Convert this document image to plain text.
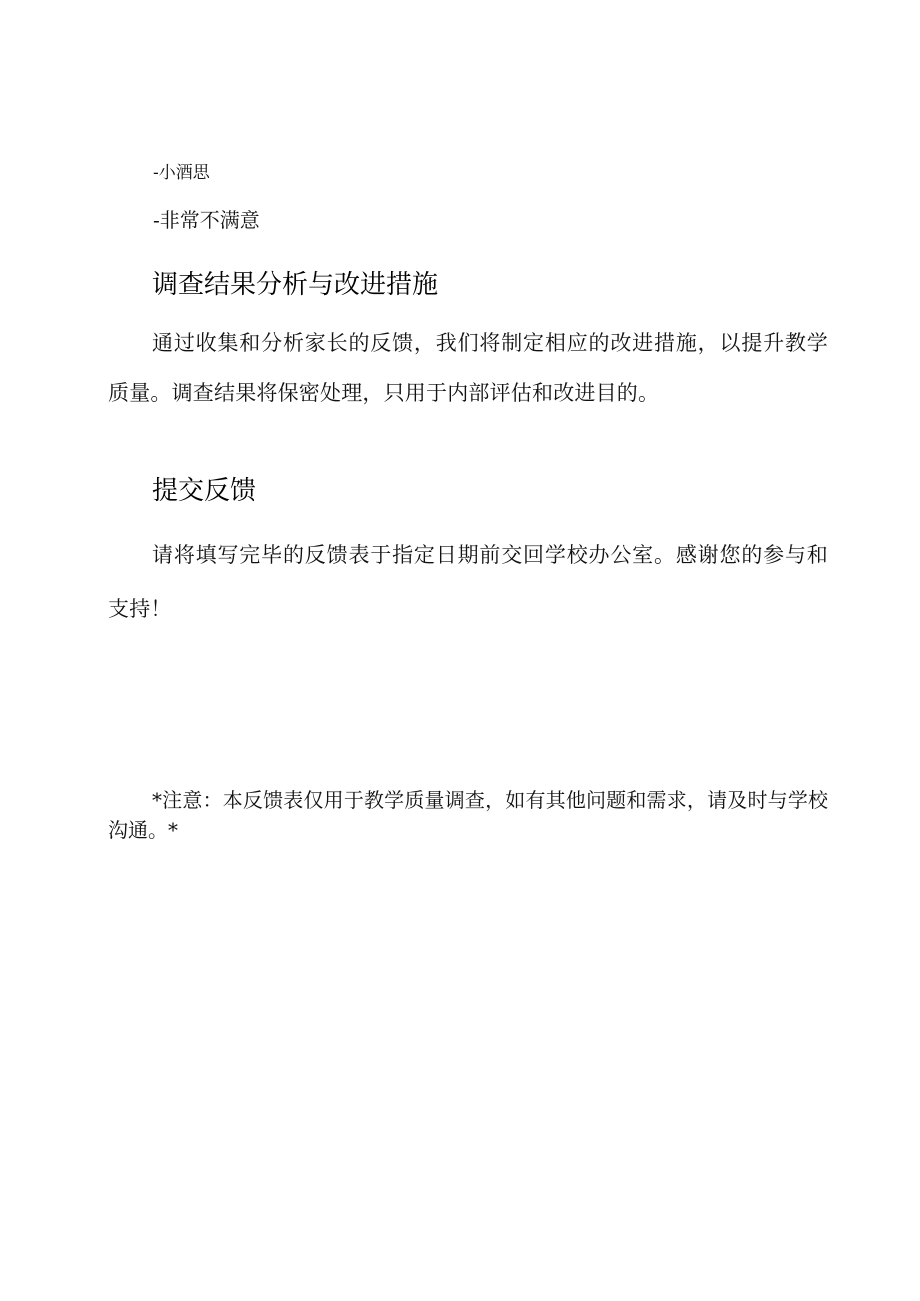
-小酒思

-非常不满意

调查结果分析与改进措施

通过收集和分析家长的反馈，我们将制定相应的改进措施，以提升教学质量。调查结果将保密处理，只用于内部评估和改进目的。

提交反馈

请将填写完毕的反馈表于指定日期前交回学校办公室。感谢您的参与和支持！

*注意：本反馈表仅用于教学质量调查，如有其他问题和需求，请及时与学校沟通。*
